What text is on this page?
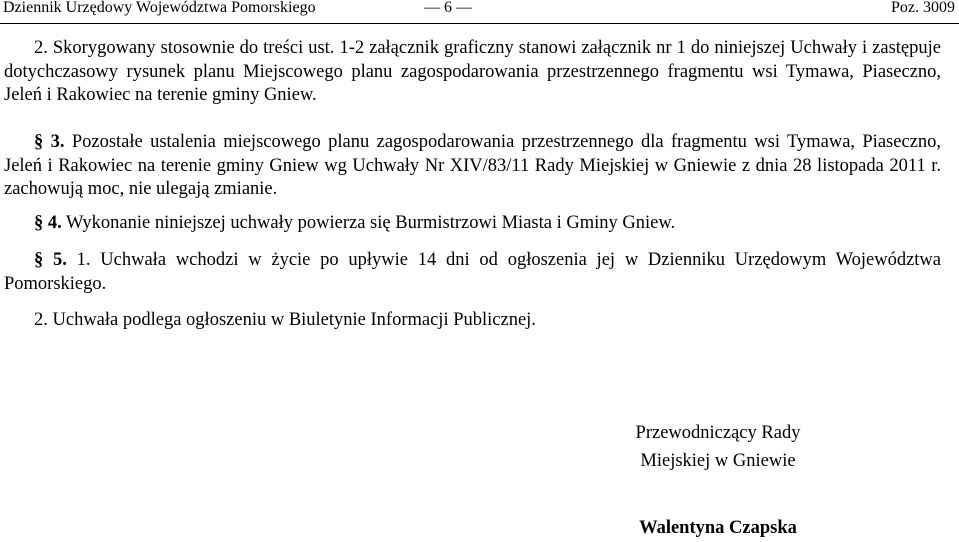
Dziennik Urzędowy Województwa Pomorskiego	— 6 —	Poz. 3009

2. Skorygowany stosownie do treści ust. 1-2 załącznik graficzny stanowi załącznik nr 1 do niniejszej Uchwały i zastępuje dotychczasowy rysunek planu Miejscowego planu zagospodarowania przestrzennego fragmentu wsi Tymawa, Piaseczno, Jeleń i Rakowiec na terenie gminy Gniew.

§ 3. Pozostałe ustalenia miejscowego planu zagospodarowania przestrzennego dla fragmentu wsi Tymawa, Piaseczno, Jeleń i Rakowiec na terenie gminy Gniew wg Uchwały Nr XIV/83/11 Rady Miejskiej w Gniewie z dnia 28 listopada 2011 r. zachowują moc, nie ulegają zmianie.

§ 4. Wykonanie niniejszej uchwały powierza się Burmistrzowi Miasta i Gminy Gniew.

§ 5. 1. Uchwała wchodzi w życie po upływie 14 dni od ogłoszenia jej w Dzienniku Urzędowym Województwa Pomorskiego.

2. Uchwała podlega ogłoszeniu w Biuletynie Informacji Publicznej.

Przewodniczący Rady
Miejskiej w Gniewie
Walentyna Czapska
